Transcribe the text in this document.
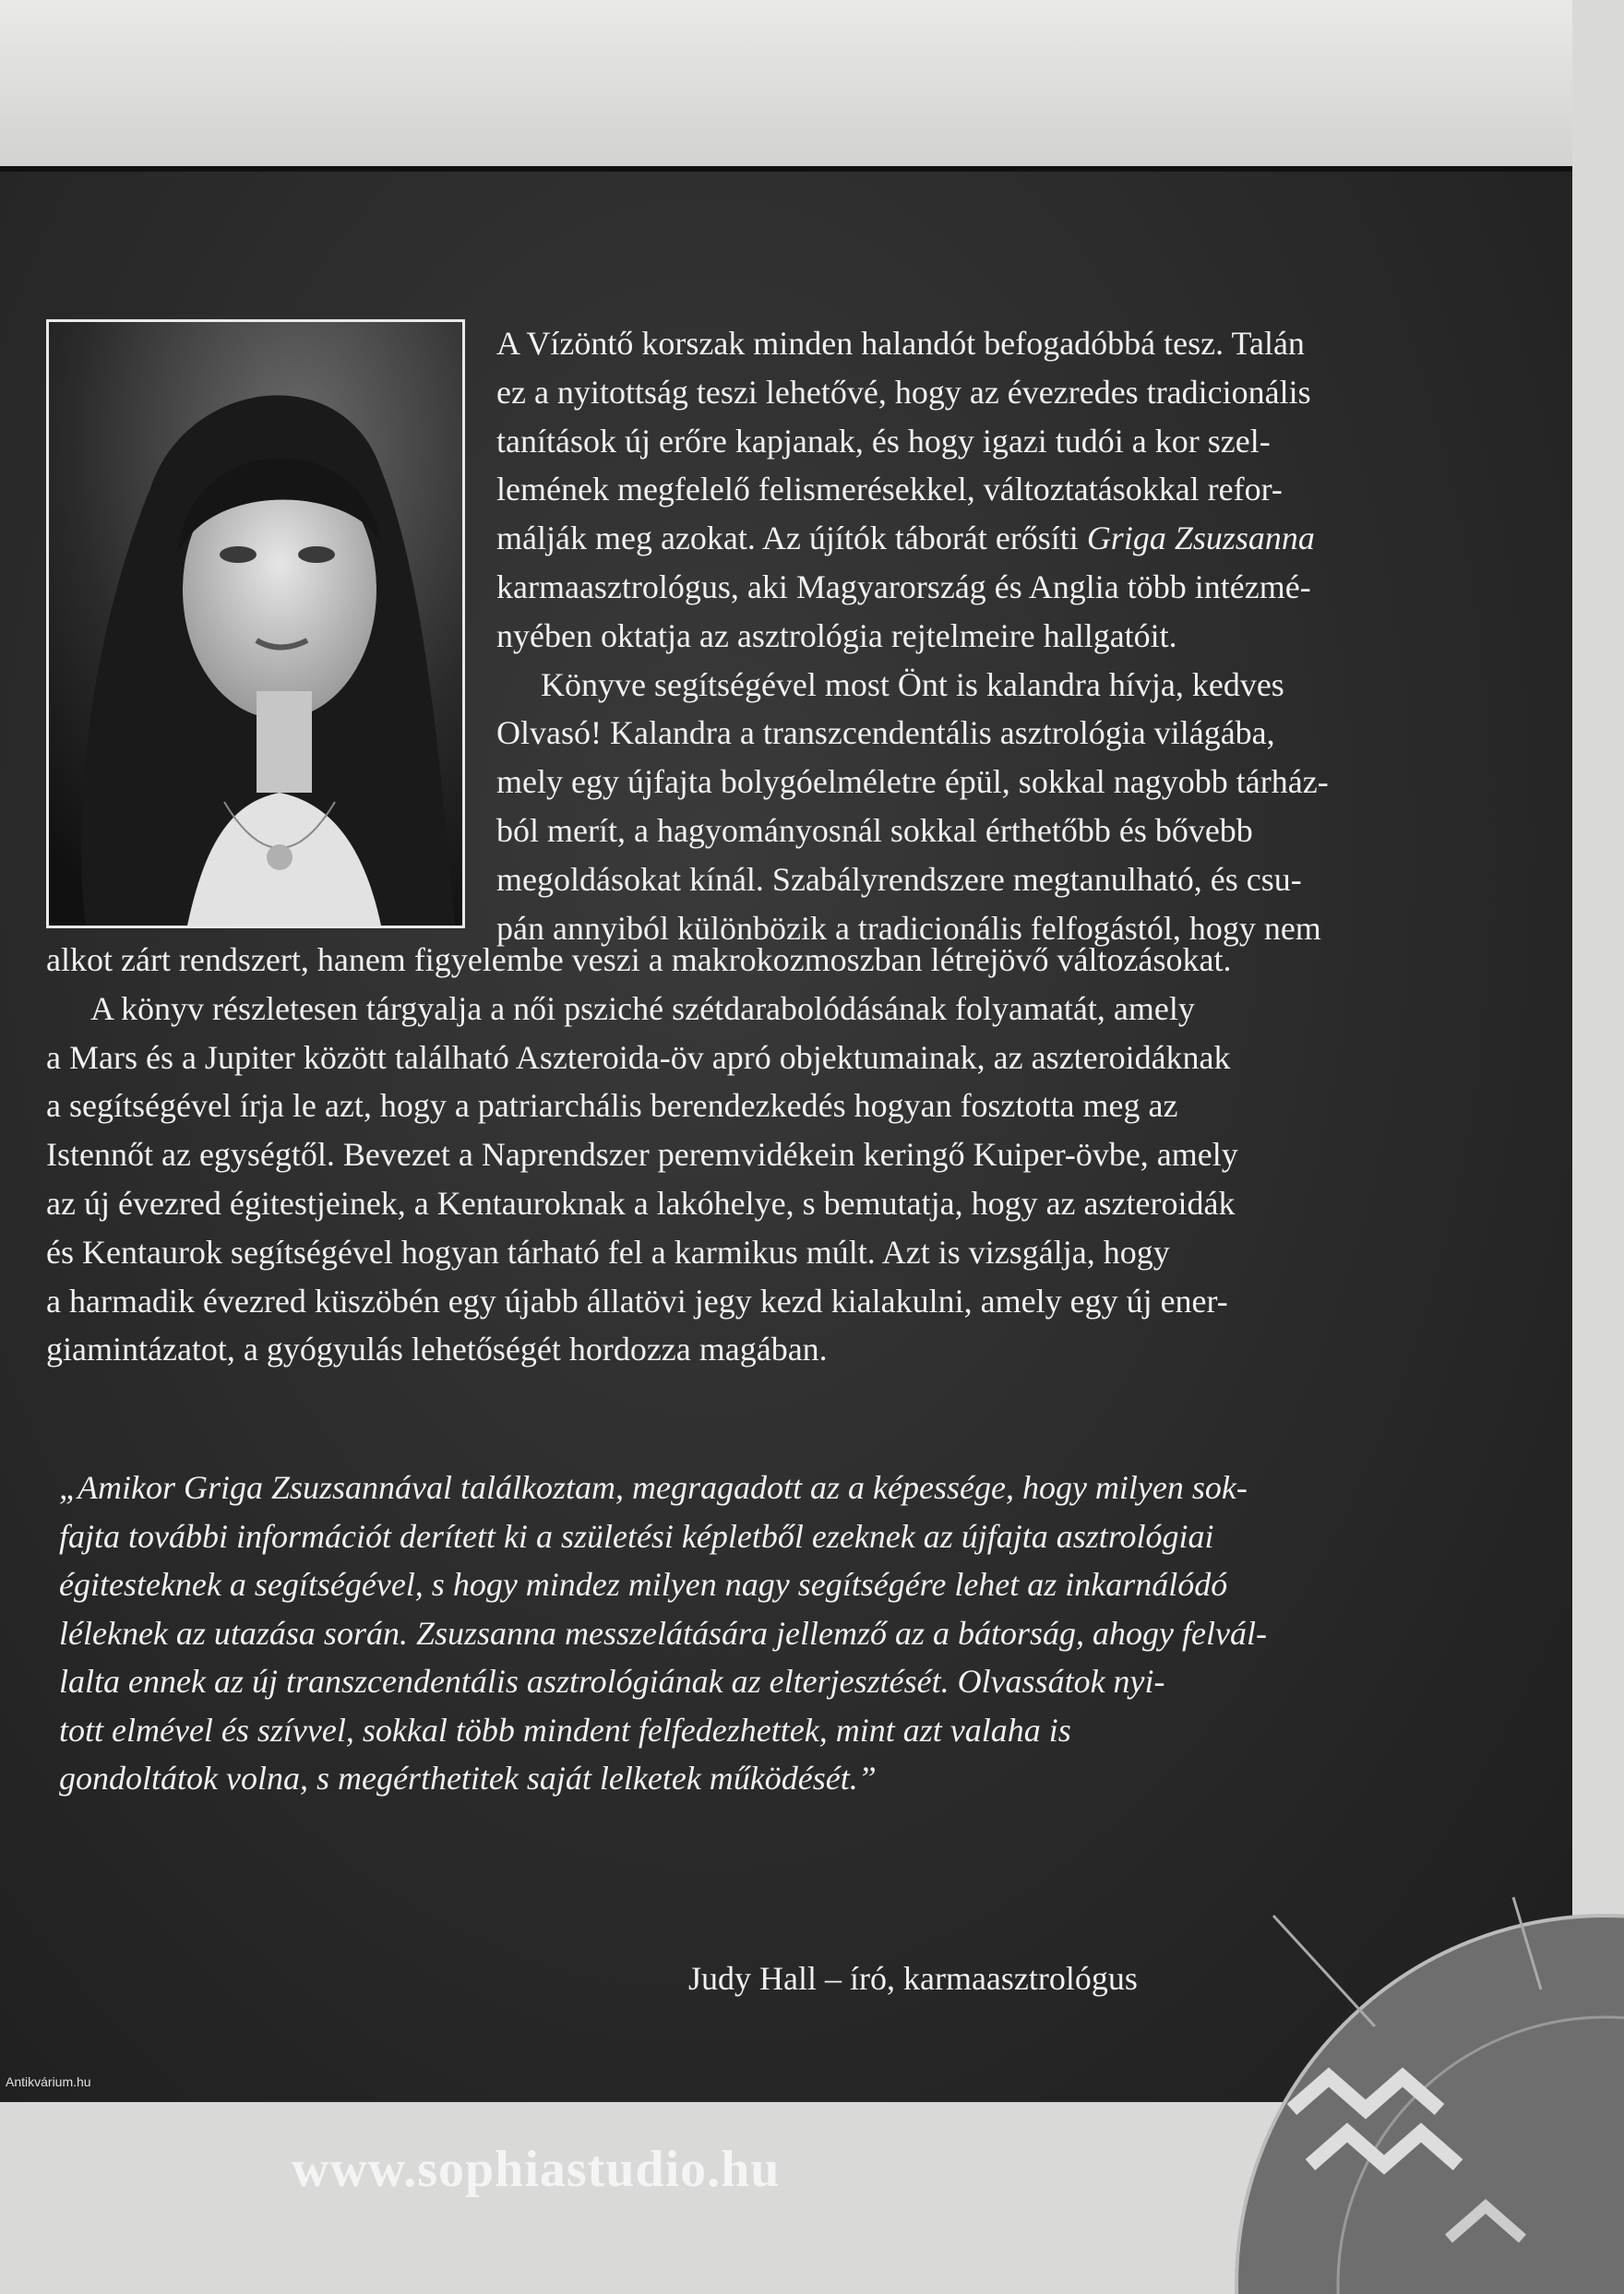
A Vízöntő korszak minden halandót befogadóbbá tesz. Talán
ez a nyitottság teszi lehetővé, hogy az évezredes tradicionális
tanítások új erőre kapjanak, és hogy igazi tudói a kor szel-
lemének megfelelő felismerésekkel, változtatásokkal refor-
málják meg azokat. Az újítók táborát erősíti Griga Zsuzsanna
karmaasztrológus, aki Magyarország és Anglia több intézmé-
nyében oktatja az asztrológia rejtelmeire hallgatóit.
Könyve segítségével most Önt is kalandra hívja, kedves
Olvasó! Kalandra a transzcendentális asztrológia világába,
mely egy újfajta bolygóelméletre épül, sokkal nagyobb tárház-
ból merít, a hagyományosnál sokkal érthetőbb és bővebb
megoldásokat kínál. Szabályrendszere megtanulható, és csu-
pán annyiból különbözik a tradicionális felfogástól, hogy nem
alkot zárt rendszert, hanem figyelembe veszi a makrokozmoszban létrejövő változásokat.
A könyv részletesen tárgyalja a női psziché szétdarabolódásának folyamatát, amely
a Mars és a Jupiter között található Aszteroida-öv apró objektumainak, az aszteroidáknak
a segítségével írja le azt, hogy a patriarchális berendezkedés hogyan fosztotta meg az
Istennőt az egységtől. Bevezet a Naprendszer peremvidékein keringő Kuiper-övbe, amely
az új évezred égitestjeinek, a Kentauroknak a lakóhelye, s bemutatja, hogy az aszteroidák
és Kentaurok segítségével hogyan tárható fel a karmikus múlt. Azt is vizsgálja, hogy
a harmadik évezred küszöbén egy újabb állatövi jegy kezd kialakulni, amely egy új ener-
giamintázatot, a gyógyulás lehetőségét hordozza magában.
„Amikor Griga Zsuzsannával találkoztam, megragadott az a képessége, hogy milyen sok-
fajta további információt derített ki a születési képletből ezeknek az újfajta asztrológiai
égitesteknek a segítségével, s hogy mindez milyen nagy segítségére lehet az inkarnálódó
léleknek az utazása során. Zsuzsanna messzelátására jellemző az a bátorság, ahogy felvál-
lalta ennek az új transzcendentális asztrológiának az elterjesztését. Olvassátok nyi-
tott elmével és szívvel, sokkal több mindent felfedezhettek, mint azt valaha is
gondoltátok volna, s megérthetitek saját lelketek működését.”
Judy Hall – író, karmaasztrológus
www.sophiastudio.hu
Antikvárium.hu
